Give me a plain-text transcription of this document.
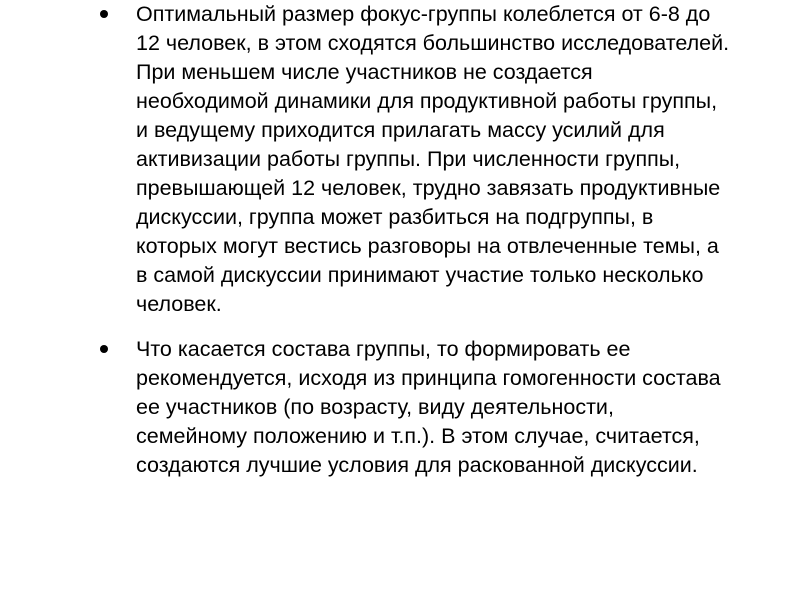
Оптимальный размер фокус-группы колеблется от 6-8 до 12 человек, в этом сходятся большинство исследователей.   При меньшем числе участников не создается необходимой динамики для продуктивной работы группы, и ведущему приходится прилагать массу усилий для активизации работы группы. При численности группы, превышающей 12 человек, трудно завязать продуктивные дискуссии, группа может разбиться на подгруппы, в которых могут вестись разговоры на отвлеченные темы, а в самой дискуссии принимают участие только несколько человек.
Что касается состава группы, то формировать ее рекомендуется, исходя из принципа гомогенности состава ее участников (по возрасту, виду деятельности, семейному положению и т.п.). В этом случае, считается, создаются лучшие условия для раскованной дискуссии.
